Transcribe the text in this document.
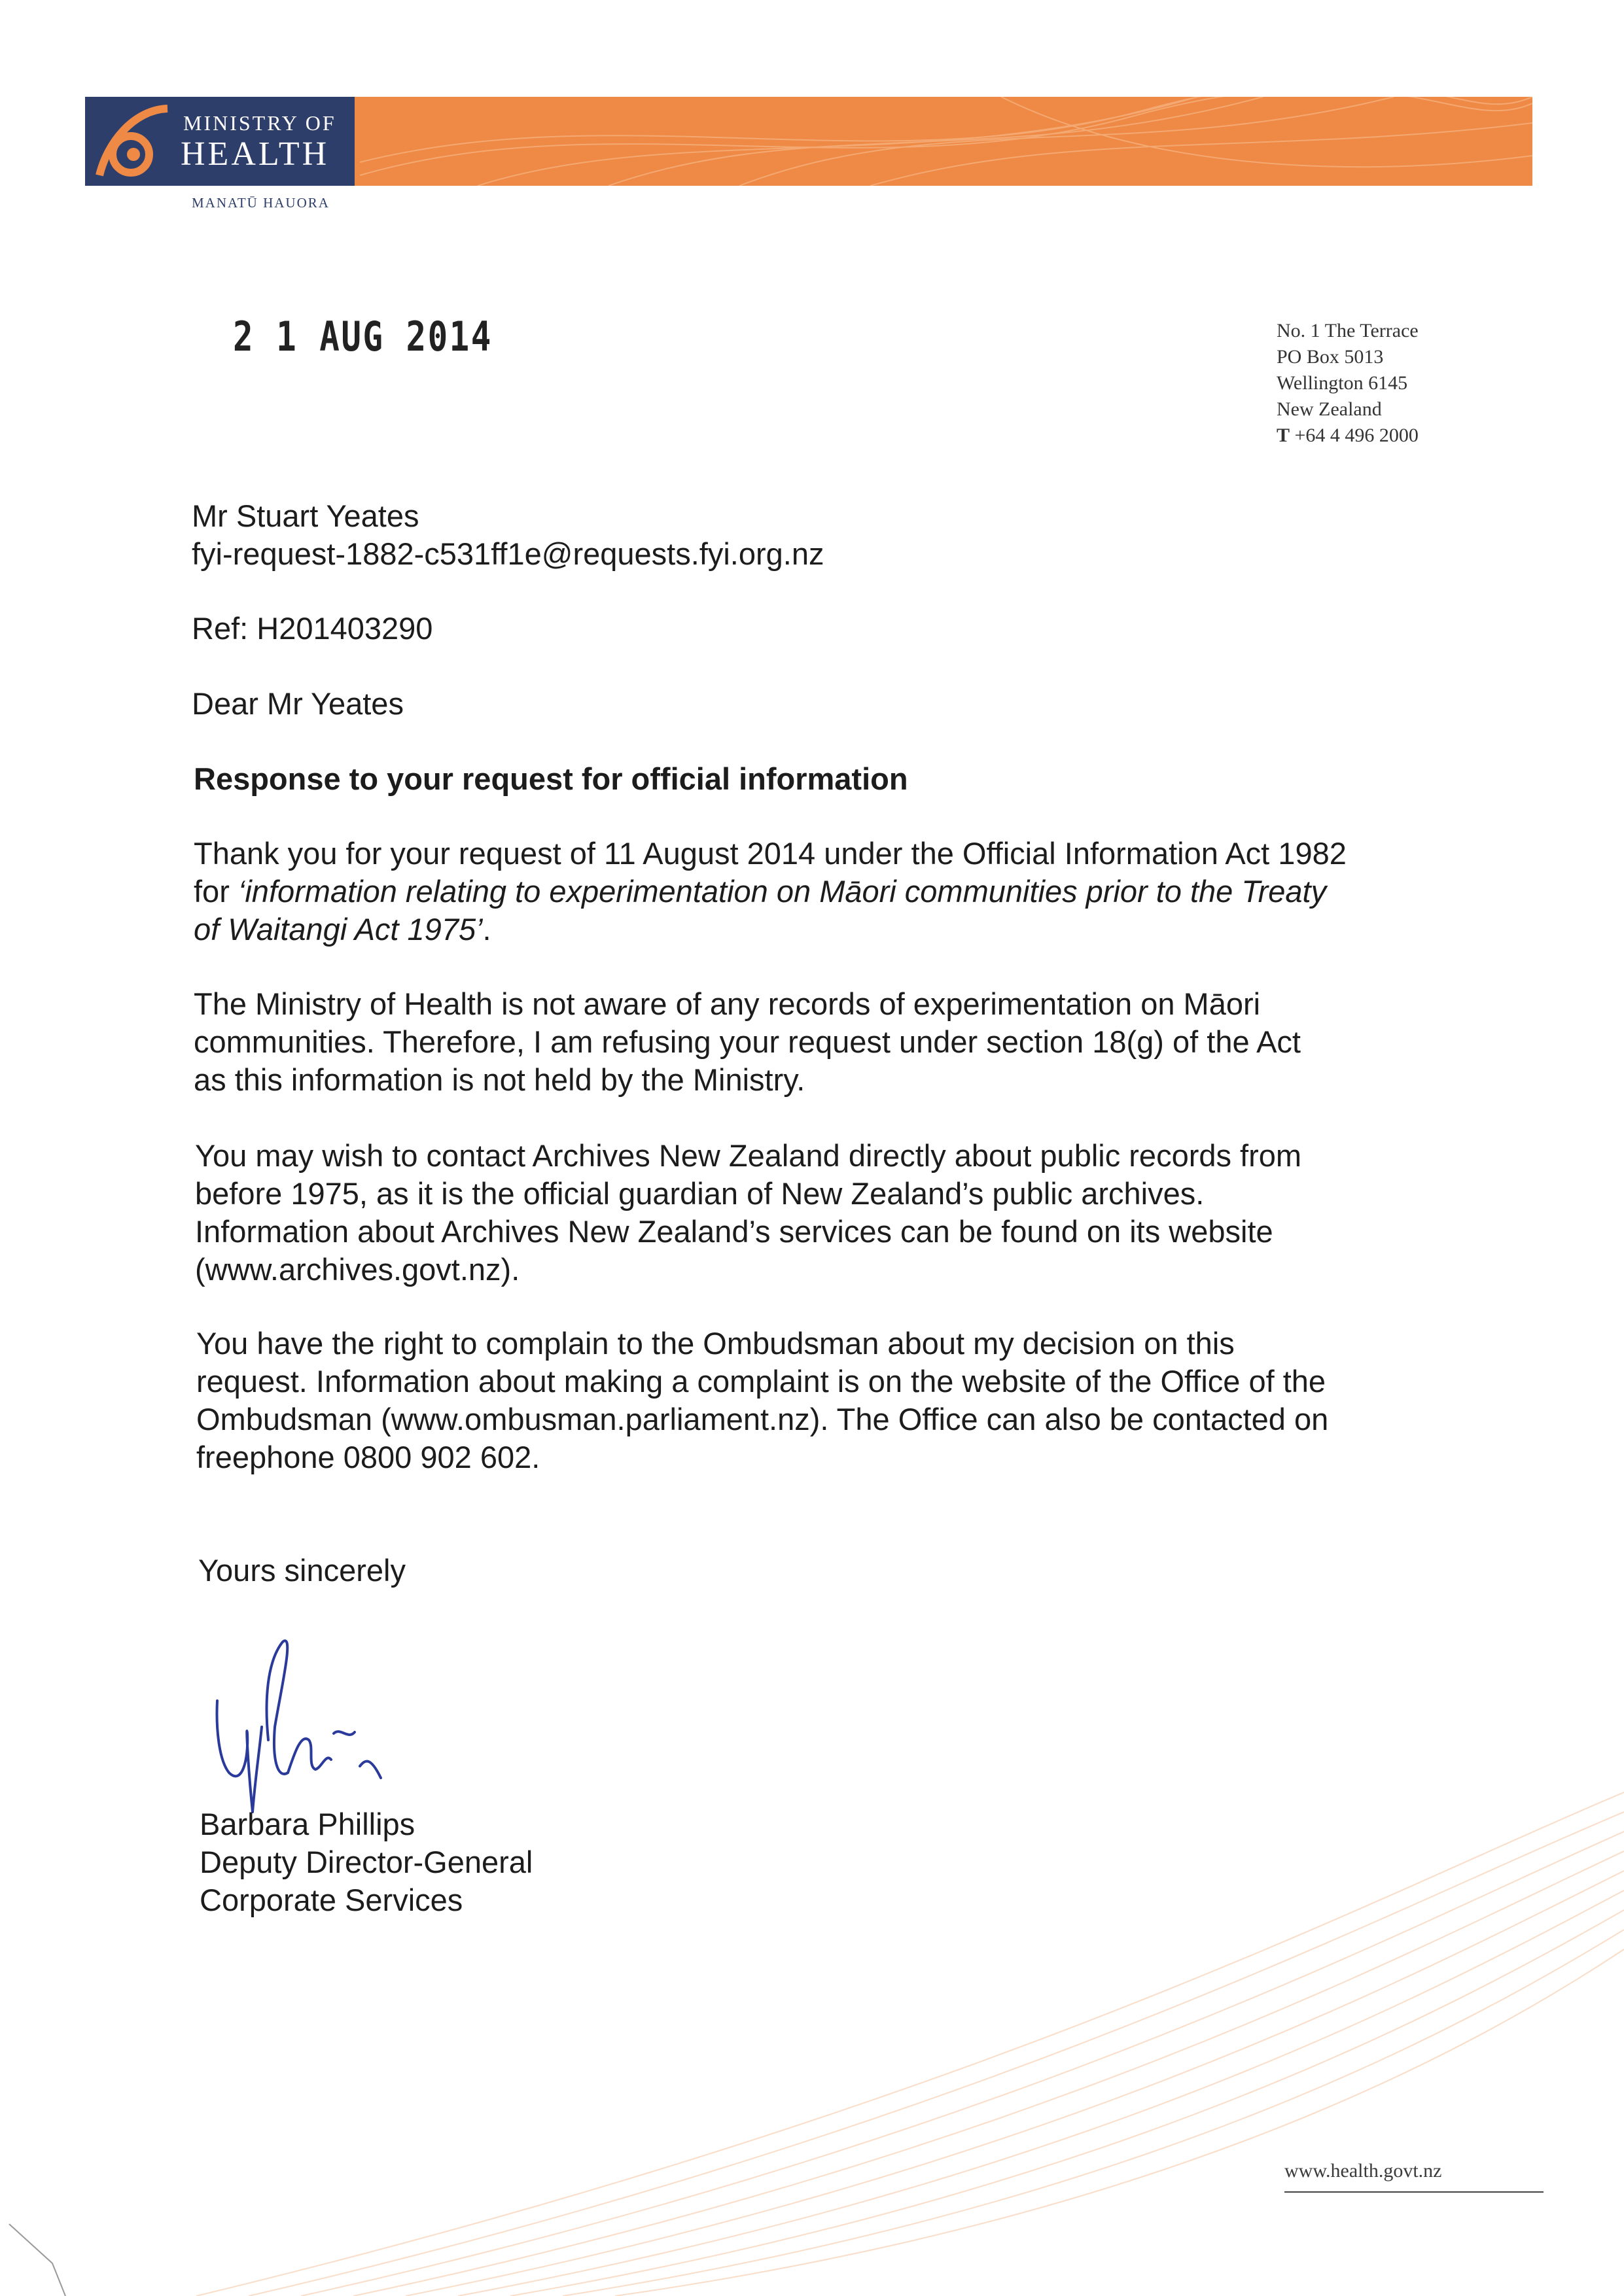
MINISTRY OF
HEALTH
MANATŪ HAUORA
2 1 AUG 2014	No. 1 The Terrace
PO Box 5013
Wellington 6145
New Zealand
T +64 4 496 2000
Mr Stuart Yeates
fyi-request-1882-c531ff1e@requests.fyi.org.nz
Ref: H201403290
Dear Mr Yeates
Response to your request for official information
Thank you for your request of 11 August 2014 under the Official Information Act 1982
for ‘information relating to experimentation on Māori communities prior to the Treaty
of Waitangi Act 1975’.
The Ministry of Health is not aware of any records of experimentation on Māori
communities. Therefore, I am refusing your request under section 18(g) of the Act
as this information is not held by the Ministry.
You may wish to contact Archives New Zealand directly about public records from
before 1975, as it is the official guardian of New Zealand’s public archives.
Information about Archives New Zealand’s services can be found on its website
(www.archives.govt.nz).
You have the right to complain to the Ombudsman about my decision on this
request. Information about making a complaint is on the website of the Office of the
Ombudsman (www.ombusman.parliament.nz). The Office can also be contacted on
freephone 0800 902 602.
Yours sincerely
Barbara Phillips
Deputy Director-General
Corporate Services
www.health.govt.nz
